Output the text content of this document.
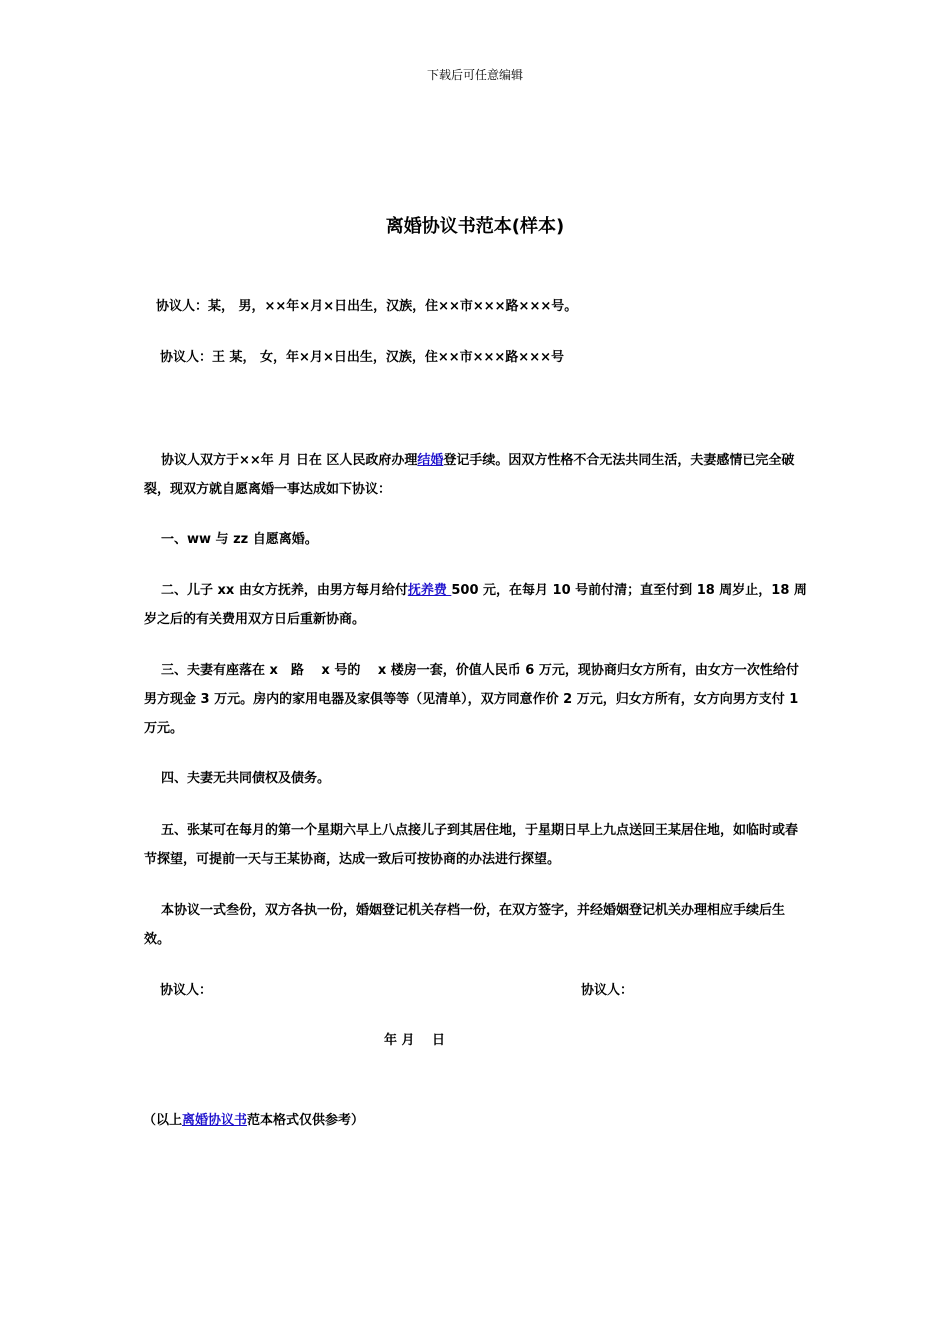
下载后可任意编辑
离婚协议书范本(样本)
协议人：某， 男，××年×月×日出生，汉族，住××市×××路×××号。
协议人：王 某， 女，年×月×日出生，汉族，住××市×××路×××号
协议人双方于××年 月 日在 区人民政府办理结婚登记手续。因双方性格不合无法共同生活，夫妻感情已完全破裂，现双方就自愿离婚一事达成如下协议：
一、ww 与 zz 自愿离婚。
二、儿子 xx 由女方抚养，由男方每月给付抚养费 500 元，在每月 10 号前付清；直至付到 18 周岁止，18 周岁之后的有关费用双方日后重新协商。
三、夫妻有座落在 x　路　 x 号的　 x 楼房一套，价值人民币 6 万元，现协商归女方所有，由女方一次性给付男方现金 3 万元。房内的家用电器及家俱等等（见清单），双方同意作价 2 万元，归女方所有，女方向男方支付 1 万元。
四、夫妻无共同债权及债务。
五、张某可在每月的第一个星期六早上八点接儿子到其居住地，于星期日早上九点送回王某居住地，如临时或春节探望，可提前一天与王某协商，达成一致后可按协商的办法进行探望。
本协议一式叁份，双方各执一份，婚姻登记机关存档一份，在双方签字，并经婚姻登记机关办理相应手续后生效。
协议人：	协议人：
年 月　 日
（以上离婚协议书范本格式仅供参考）
